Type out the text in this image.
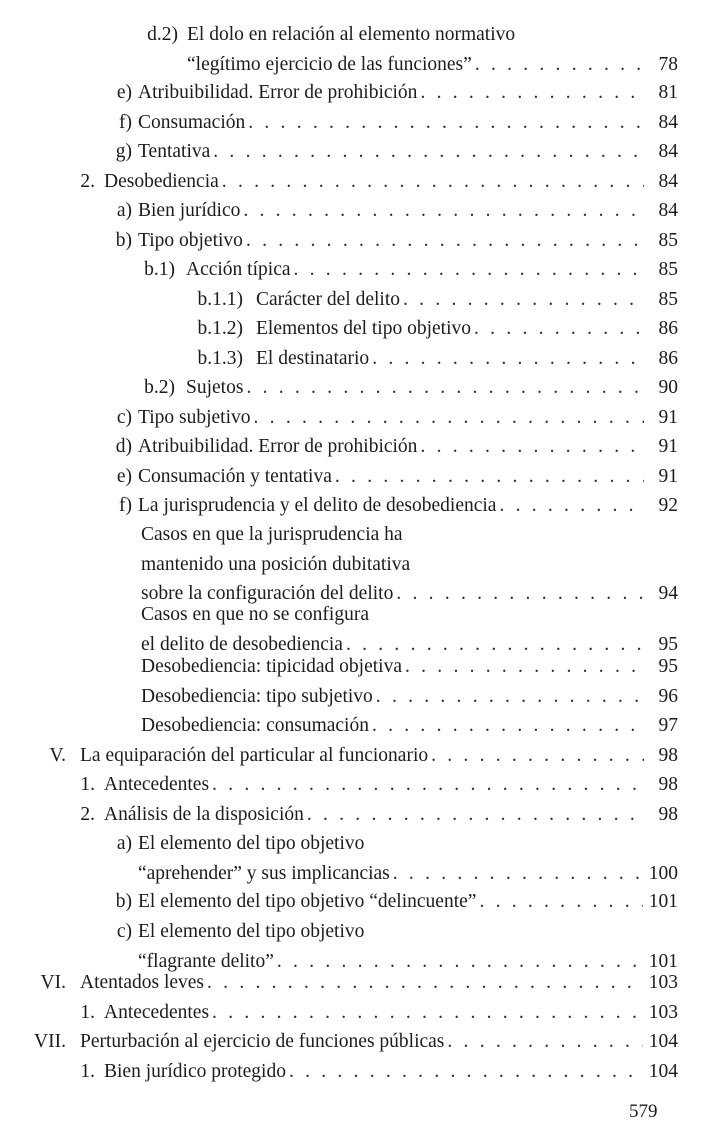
d.2) El dolo en relación al elemento normativo
“legítimo ejercicio de las funciones” . . .	78
e) Atribuibilidad. Error de prohibición . . .	81
f) Consumación . . .	84
g) Tentativa . . .	84
2. Desobediencia . . .	84
a) Bien jurídico . . .	84
b) Tipo objetivo . . .	85
b.1) Acción típica . . .	85
b.1.1) Carácter del delito . . .	85
b.1.2) Elementos del tipo objetivo . . .	86
b.1.3) El destinatario . . .	86
b.2) Sujetos . . .	90
c) Tipo subjetivo . . .	91
d) Atribuibilidad. Error de prohibición . . .	91
e) Consumación y tentativa . . .	91
f) La jurisprudencia y el delito de desobediencia . . .	92
Casos en que la jurisprudencia ha
mantenido una posición dubitativa
sobre la configuración del delito . . .	94
Casos en que no se configura
el delito de desobediencia . . .	95
Desobediencia: tipicidad objetiva . . .	95
Desobediencia: tipo subjetivo . . .	96
Desobediencia: consumación . . .	97
V. La equiparación del particular al funcionario . . .	98
1. Antecedentes . . .	98
2. Análisis de la disposición . . .	98
a) El elemento del tipo objetivo
“aprehender” y sus implicancias . . .	100
b) El elemento del tipo objetivo “delincuente” . . .	101
c) El elemento del tipo objetivo
“flagrante delito” . . .	101
VI. Atentados leves . . .	103
1. Antecedentes . . .	103
VII. Perturbación al ejercicio de funciones públicas . . .	104
1. Bien jurídico protegido . . .	104
579
